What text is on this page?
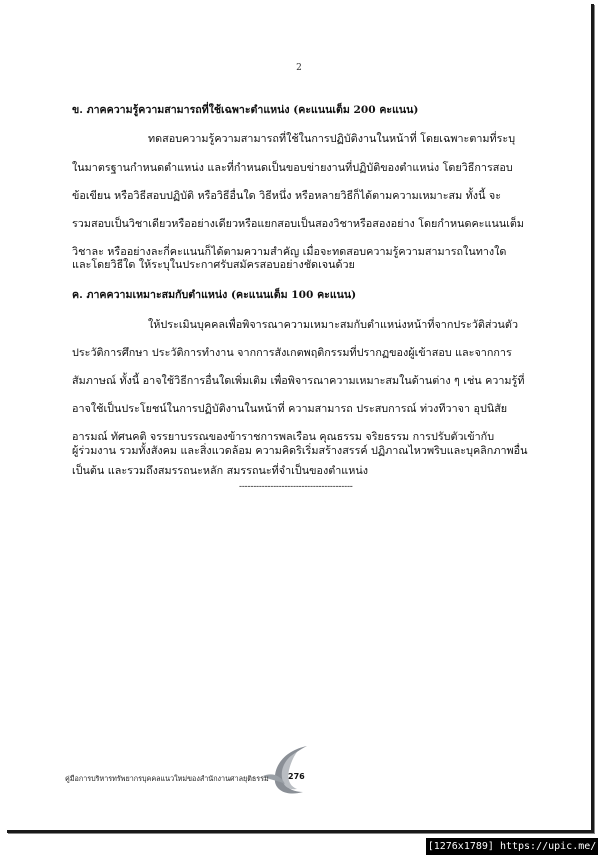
2
ข. ภาคความรู้ความสามารถที่ใช้เฉพาะตำแหน่ง (คะแนนเต็ม 200 คะแนน)
ทดสอบความรู้ความสามารถที่ใช้ในการปฏิบัติงานในหน้าที่ โดยเฉพาะตามที่ระบุ
ในมาตรฐานกำหนดตำแหน่ง และที่กำหนดเป็นขอบข่ายงานที่ปฏิบัติของตำแหน่ง โดยวิธีการสอบ
ข้อเขียน หรือวิธีสอบปฏิบัติ หรือวิธีอื่นใด วิธีหนึ่ง หรือหลายวิธีก็ได้ตามความเหมาะสม ทั้งนี้ จะ
รวมสอบเป็นวิชาเดียวหรืออย่างเดียวหรือแยกสอบเป็นสองวิชาหรือสองอย่าง โดยกำหนดคะแนนเต็ม
วิชาละ หรืออย่างละกี่คะแนนก็ได้ตามความสำคัญ เมื่อจะทดสอบความรู้ความสามารถในทางใด
และโดยวิธีใด ให้ระบุในประกาศรับสมัครสอบอย่างชัดเจนด้วย
ค. ภาคความเหมาะสมกับตำแหน่ง (คะแนนเต็ม 100 คะแนน)
ให้ประเมินบุคคลเพื่อพิจารณาความเหมาะสมกับตำแหน่งหน้าที่จากประวัติส่วนตัว
ประวัติการศึกษา ประวัติการทำงาน จากการสังเกตพฤติกรรมที่ปรากฏของผู้เข้าสอบ และจากการ
สัมภาษณ์ ทั้งนี้ อาจใช้วิธีการอื่นใดเพิ่มเติม เพื่อพิจารณาความเหมาะสมในด้านต่าง ๆ เช่น ความรู้ที่
อาจใช้เป็นประโยชน์ในการปฏิบัติงานในหน้าที่ ความสามารถ ประสบการณ์ ท่วงทีวาจา อุปนิสัย
อารมณ์ ทัศนคติ จรรยาบรรณของข้าราชการพลเรือน คุณธรรม จริยธรรม การปรับตัวเข้ากับ
ผู้ร่วมงาน รวมทั้งสังคม และสิ่งแวดล้อม ความคิดริเริ่มสร้างสรรค์ ปฏิภาณไหวพริบและบุคลิกภาพอื่น
เป็นต้น และรวมถึงสมรรถนะหลัก สมรรถนะที่จำเป็นของตำแหน่ง
----------------------------------------
คู่มือการบริหารทรัพยากรบุคคลแนวใหม่ของสำนักงานศาลยุติธรรม 276
[1276x1789] https://upic.me/
